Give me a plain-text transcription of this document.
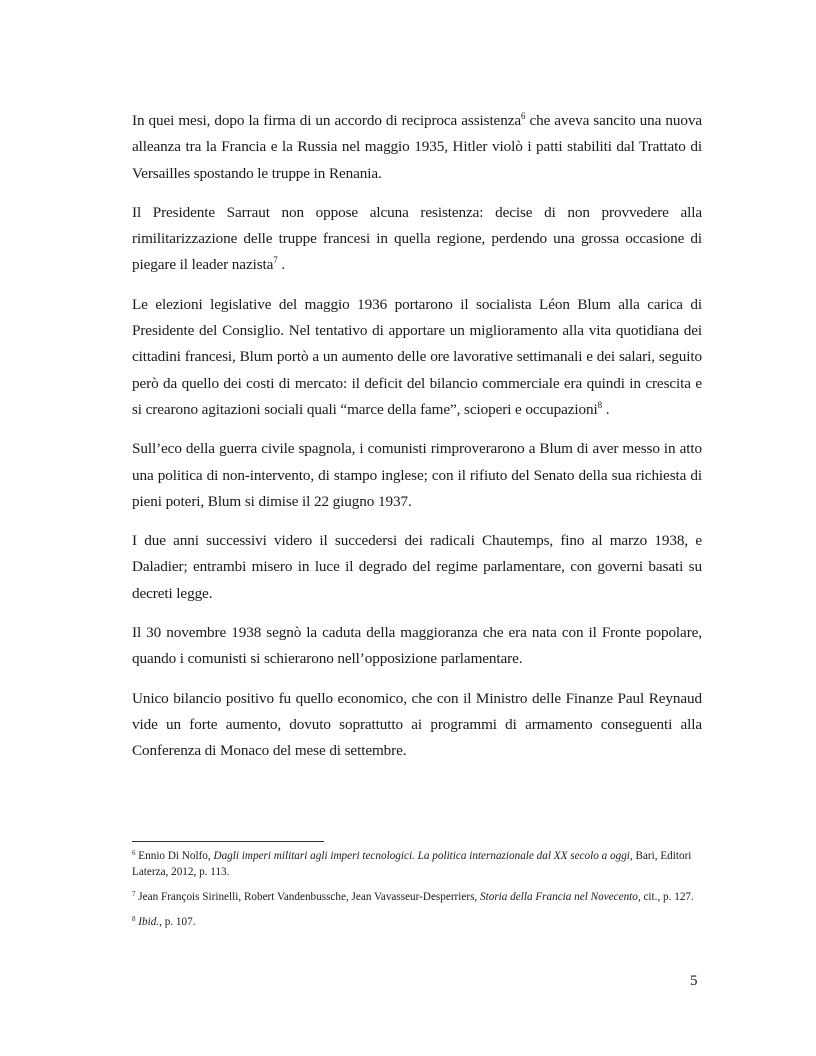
In quei mesi, dopo la firma di un accordo di reciproca assistenza$^6$ che aveva sancito una nuova alleanza tra la Francia e la Russia nel maggio 1935, Hitler violò i patti stabiliti dal Trattato di Versailles spostando le truppe in Renania.

Il Presidente Sarraut non oppose alcuna resistenza: decise di non provvedere alla rimilitarizzazione delle truppe francesi in quella regione, perdendo una grossa occasione di piegare il leader nazista$^7$ .

Le elezioni legislative del maggio 1936 portarono il socialista Léon Blum alla carica di Presidente del Consiglio. Nel tentativo di apportare un miglioramento alla vita quotidiana dei cittadini francesi, Blum portò a un aumento delle ore lavorative settimanali e dei salari, seguito però da quello dei costi di mercato: il deficit del bilancio commerciale era quindi in crescita e si crearono agitazioni sociali quali “marce della fame”, scioperi e occupazioni$^8$ .

Sull’eco della guerra civile spagnola, i comunisti rimproverarono a Blum di aver messo in atto una politica di non-intervento, di stampo inglese; con il rifiuto del Senato della sua richiesta di pieni poteri, Blum si dimise il 22 giugno 1937.

I due anni successivi videro il succedersi dei radicali Chautemps, fino al marzo 1938, e Daladier; entrambi misero in luce il degrado del regime parlamentare, con governi basati su decreti legge.

Il 30 novembre 1938 segnò la caduta della maggioranza che era nata con il Fronte popolare, quando i comunisti si schierarono nell’opposizione parlamentare.

Unico bilancio positivo fu quello economico, che con il Ministro delle Finanze Paul Reynaud vide un forte aumento, dovuto soprattutto ai programmi di armamento conseguenti alla Conferenza di Monaco del mese di settembre.

$^6$ Ennio Di Nolfo, Dagli imperi militari agli imperi tecnologici. La politica internazionale dal XX secolo a oggi, Bari, Editori Laterza, 2012, p. 113.

$^7$ Jean François Sirinelli, Robert Vandenbussche, Jean Vavasseur-Desperriers, Storia della Francia nel Novecento, cit., p. 127.

$^8$ Ibid., p. 107.

5
